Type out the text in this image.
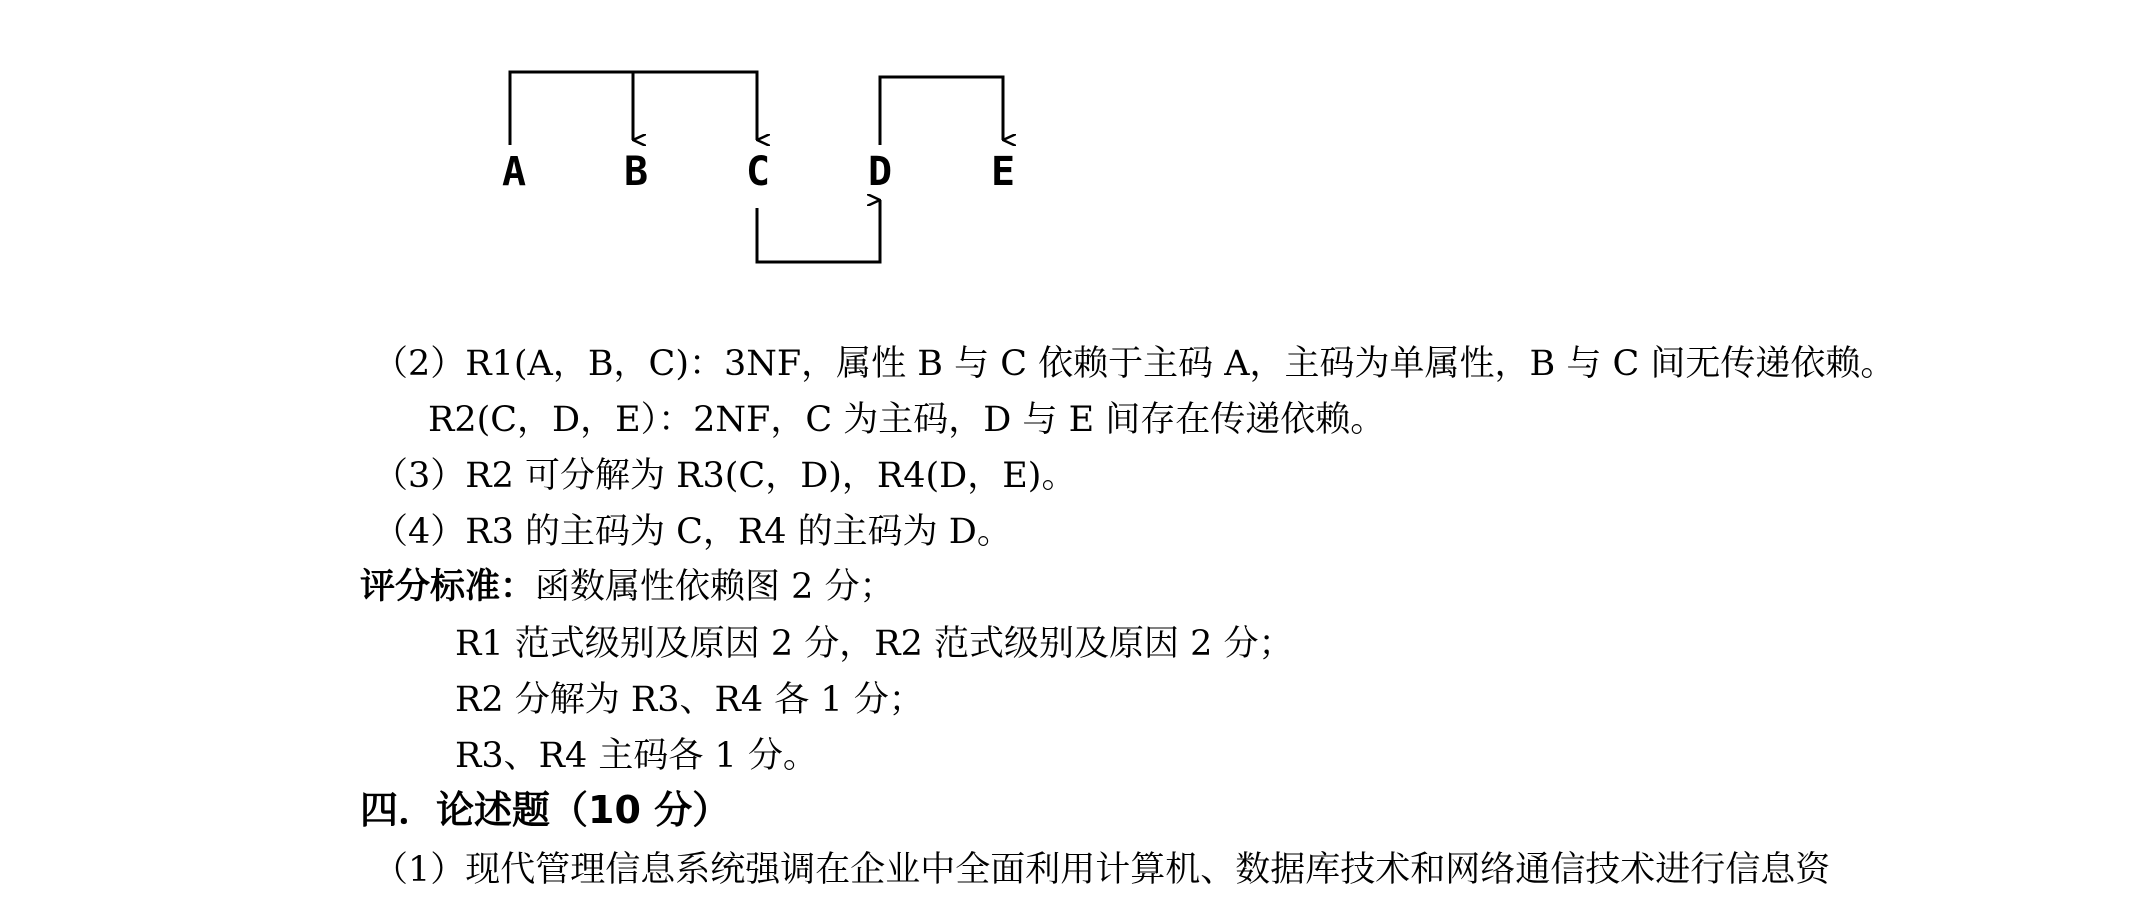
A B C D E
（2）R1(A，B，C)：3NF，属性 B 与 C 依赖于主码 A，主码为单属性，B 与 C 间无传递依赖。
R2(C，D，E）：2NF，C 为主码，D 与 E 间存在传递依赖。
（3）R2 可分解为 R3(C，D)，R4(D，E)。
（4）R3 的主码为 C，R4 的主码为 D。
评分标准：函数属性依赖图 2 分；
R1 范式级别及原因 2 分，R2 范式级别及原因 2 分；
R2 分解为 R3、R4 各 1 分；
R3、R4 主码各 1 分。
四．论述题（10 分）
（1）现代管理信息系统强调在企业中全面利用计算机、数据库技术和网络通信技术进行信息资
